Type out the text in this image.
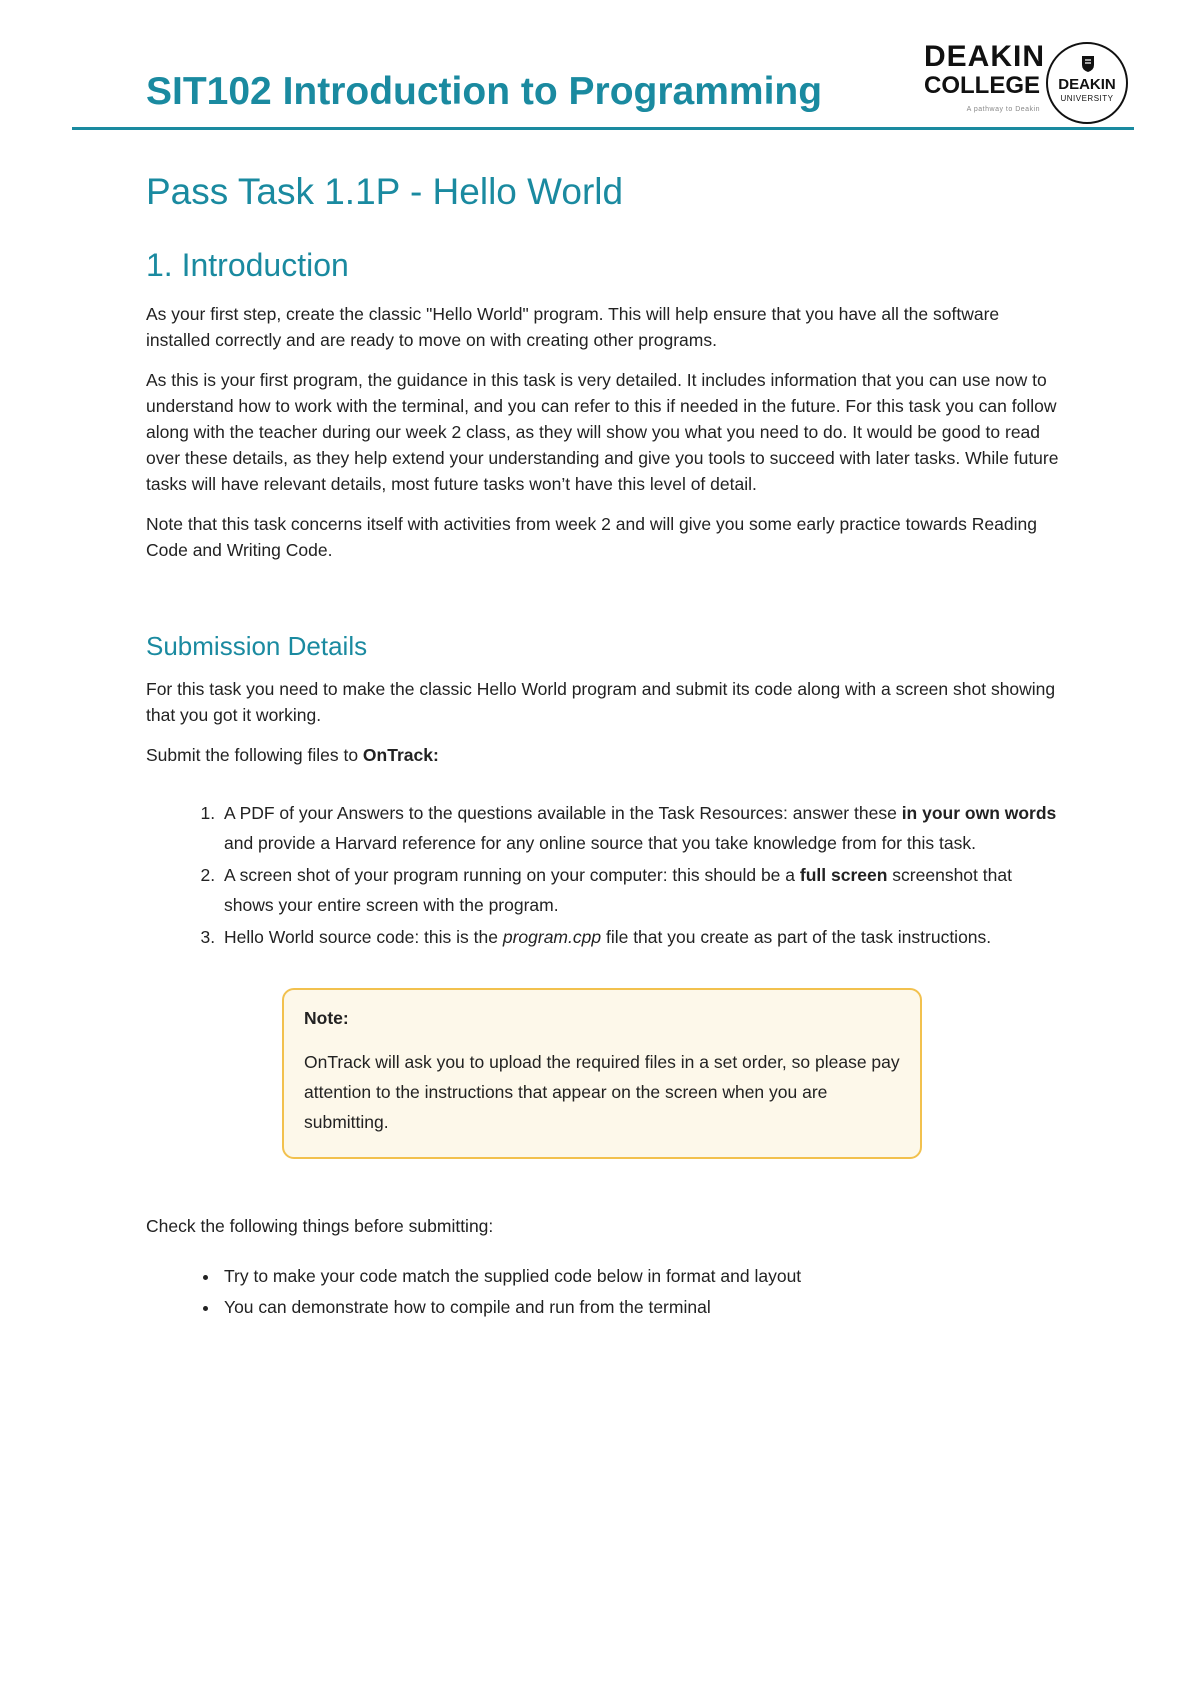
SIT102 Introduction to Programming
DEAKIN
COLLEGE
A pathway to Deakin
DEAKIN
UNIVERSITY
Pass Task 1.1P - Hello World
1. Introduction

As your first step, create the classic "Hello World" program. This will help ensure that you have all the software installed correctly and are ready to move on with creating other programs.

As this is your first program, the guidance in this task is very detailed. It includes information that you can use now to understand how to work with the terminal, and you can refer to this if needed in the future. For this task you can follow along with the teacher during our week 2 class, as they will show you what you need to do. It would be good to read over these details, as they help extend your understanding and give you tools to succeed with later tasks. While future tasks will have relevant details, most future tasks won’t have this level of detail.

Note that this task concerns itself with activities from week 2 and will give you some early practice towards Reading Code and Writing Code.

Submission Details

For this task you need to make the classic Hello World program and submit its code along with a screen shot showing that you got it working.

Submit the following files to OnTrack:

1. A PDF of your Answers to the questions available in the Task Resources: answer these in your own words and provide a Harvard reference for any online source that you take knowledge from for this task.
2. A screen shot of your program running on your computer: this should be a full screen screenshot that shows your entire screen with the program.
3. Hello World source code: this is the program.cpp file that you create as part of the task instructions.

Note:

OnTrack will ask you to upload the required files in a set order, so please pay attention to the instructions that appear on the screen when you are submitting.

Check the following things before submitting:

• Try to make your code match the supplied code below in format and layout
• You can demonstrate how to compile and run from the terminal
